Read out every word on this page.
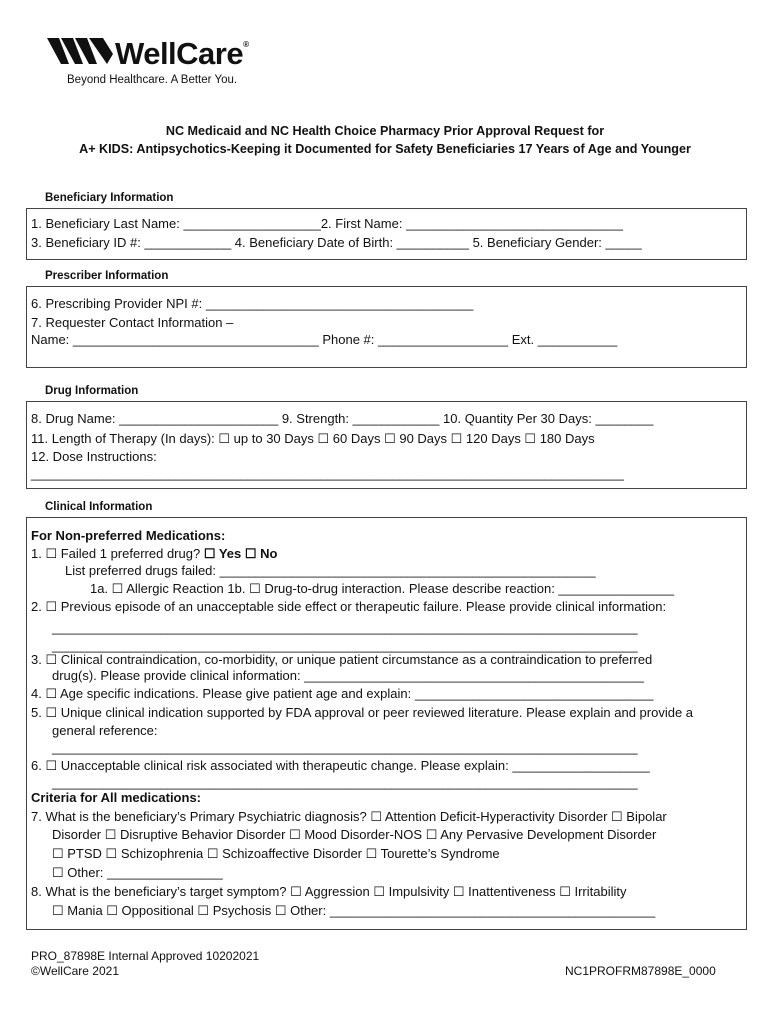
WellCare®
Beyond Healthcare. A Better You.
NC Medicaid and NC Health Choice Pharmacy Prior Approval Request for
A+ KIDS: Antipsychotics-Keeping it Documented for Safety Beneficiaries 17 Years of Age and Younger
Beneficiary Information
1. Beneficiary Last Name: ___________________2. First Name: ______________________________
3. Beneficiary ID #: ____________ 4. Beneficiary Date of Birth: __________ 5. Beneficiary Gender: _____
Prescriber Information
6. Prescribing Provider NPI #: _____________________________________
7. Requester Contact Information –
Name: __________________________________ Phone #: __________________ Ext. ___________
Drug Information
8. Drug Name: ______________________ 9. Strength: ____________ 10. Quantity Per 30 Days: ________
11. Length of Therapy (In days): ☐ up to 30 Days ☐ 60 Days ☐ 90 Days ☐ 120 Days ☐ 180 Days
12. Dose Instructions:
__________________________________________________________________________________
Clinical Information
For Non-preferred Medications:
1. ☐ Failed 1 preferred drug? ☐ Yes ☐ No
List preferred drugs failed: ____________________________________________________
1a. ☐ Allergic Reaction 1b. ☐ Drug-to-drug interaction. Please describe reaction: ________________
2. ☐ Previous episode of an unacceptable side effect or therapeutic failure. Please provide clinical information:
_________________________________________________________________________________
_________________________________________________________________________________
3. ☐ Clinical contraindication, co-morbidity, or unique patient circumstance as a contraindication to preferred
drug(s). Please provide clinical information: _______________________________________________
4. ☐ Age specific indications. Please give patient age and explain: _________________________________
5. ☐ Unique clinical indication supported by FDA approval or peer reviewed literature. Please explain and provide a
general reference:
_________________________________________________________________________________
6. ☐ Unacceptable clinical risk associated with therapeutic change. Please explain: ___________________
_________________________________________________________________________________
Criteria for All medications:
7. What is the beneficiary’s Primary Psychiatric diagnosis? ☐ Attention Deficit-Hyperactivity Disorder ☐ Bipolar
Disorder ☐ Disruptive Behavior Disorder ☐ Mood Disorder-NOS ☐ Any Pervasive Development Disorder
☐ PTSD ☐ Schizophrenia ☐ Schizoaffective Disorder ☐ Tourette’s Syndrome
☐ Other: ________________
8. What is the beneficiary’s target symptom? ☐ Aggression ☐ Impulsivity ☐ Inattentiveness ☐ Irritability
☐ Mania ☐ Oppositional ☐ Psychosis ☐ Other: _____________________________________________
PRO_87898E Internal Approved 10202021
©WellCare 2021	NC1PROFRM87898E_0000
